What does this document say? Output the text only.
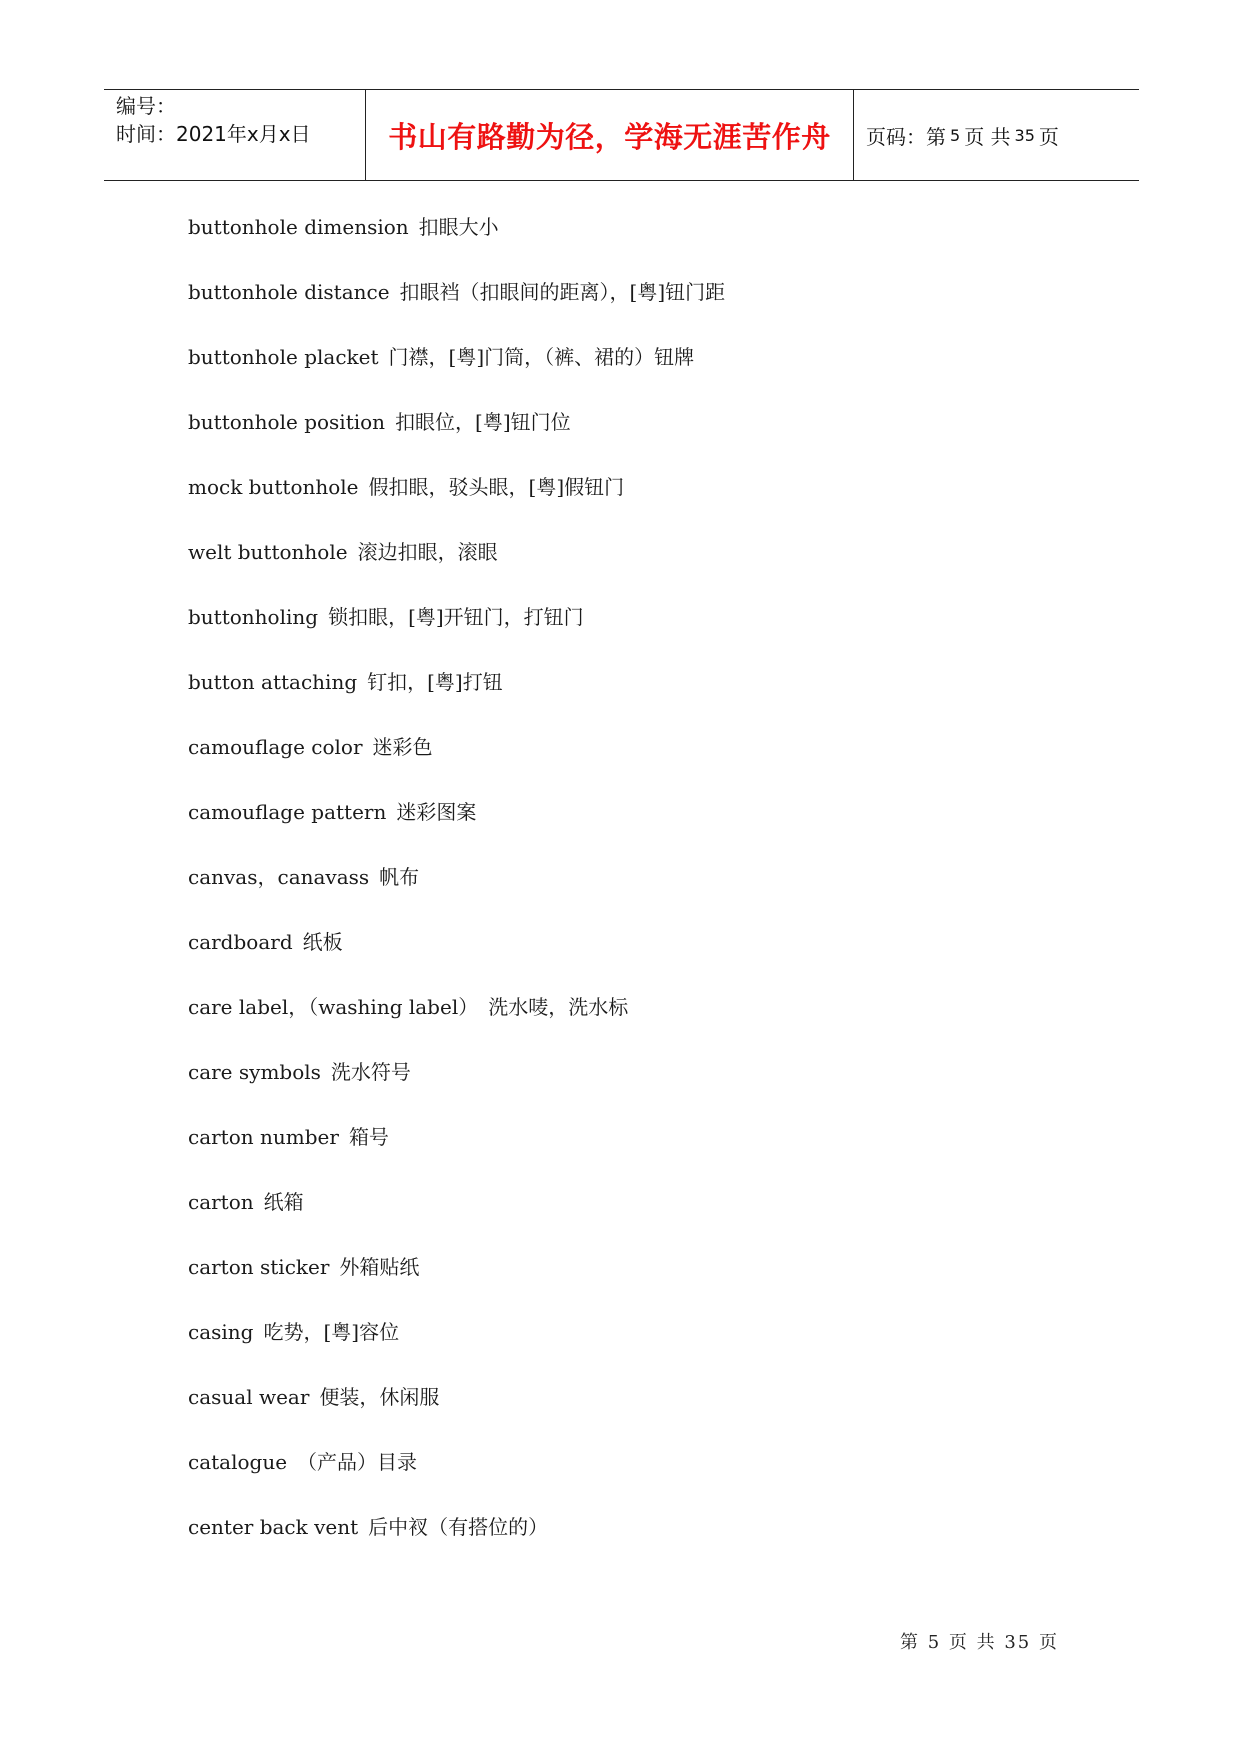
编号：
时间：2021年x月x日	书山有路勤为径，学海无涯苦作舟	页码：第 5 页 共 35 页
buttonhole dimension 扣眼大小
buttonhole distance 扣眼裆（扣眼间的距离），[粤]钮门距
buttonhole placket 门襟，[粤]门筒，（裤、裙的）钮牌
buttonhole position 扣眼位，[粤]钮门位
mock buttonhole 假扣眼，驳头眼，[粤]假钮门
welt buttonhole 滚边扣眼，滚眼
buttonholing 锁扣眼，[粤]开钮门，打钮门
button attaching 钉扣，[粤]打钮
camouflage color 迷彩色
camouflage pattern 迷彩图案
canvas，canavass 帆布
cardboard 纸板
care label，（washing label） 洗水唛，洗水标
care symbols 洗水符号
carton number 箱号
carton 纸箱
carton sticker 外箱贴纸
casing 吃势，[粤]容位
casual wear 便装，休闲服
catalogue （产品）目录
center back vent 后中衩（有搭位的）
第 5 页 共 35 页
